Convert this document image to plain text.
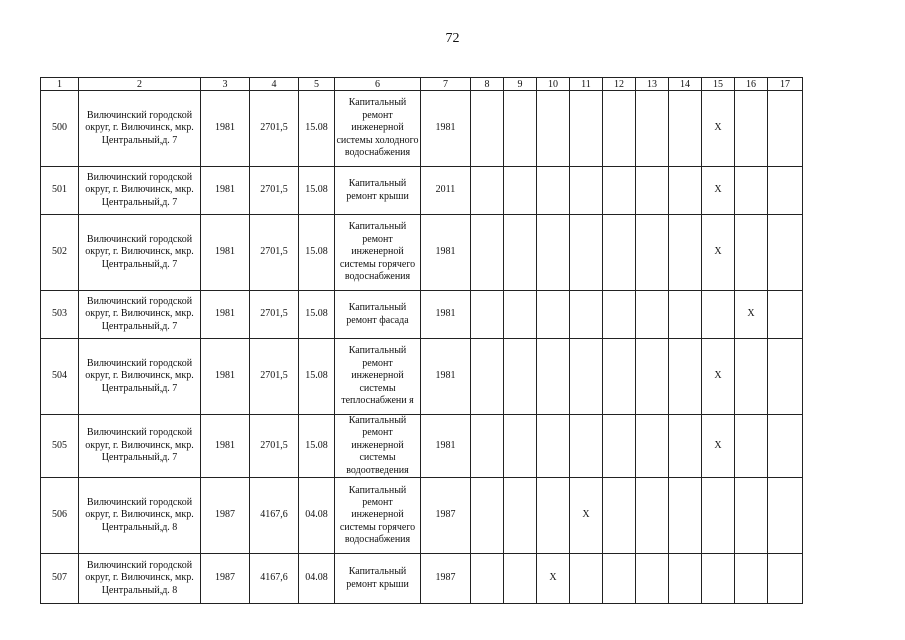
72
1	2	3	4	5	6	7	8	9	10	11	12	13	14	15	16	17
500	Вилючинский городской округ, г. Вилючинск, мкр. Центральный,д. 7	1981	2701,5	15.08	Капитальный ремонт инженерной системы холодного водоснабжения	1981								X		
501	Вилючинский городской округ, г. Вилючинск, мкр. Центральный,д. 7	1981	2701,5	15.08	Капитальный ремонт крыши	2011								X		
502	Вилючинский городской округ, г. Вилючинск, мкр. Центральный,д. 7	1981	2701,5	15.08	Капитальный ремонт инженерной системы горячего водоснабжения	1981								X		
503	Вилючинский городской округ, г. Вилючинск, мкр. Центральный,д. 7	1981	2701,5	15.08	Капитальный ремонт фасада	1981									X	
504	Вилючинский городской округ, г. Вилючинск, мкр. Центральный,д. 7	1981	2701,5	15.08	Капитальный ремонт инженерной системы теплоснабжени я	1981								X		
505	Вилючинский городской округ, г. Вилючинск, мкр. Центральный,д. 7	1981	2701,5	15.08	Капитальный ремонт инженерной системы водоотведения	1981								X		
506	Вилючинский городской округ, г. Вилючинск, мкр. Центральный,д. 8	1987	4167,6	04.08	Капитальный ремонт инженерной системы горячего водоснабжения	1987				X						
507	Вилючинский городской округ, г. Вилючинск, мкр. Центральный,д. 8	1987	4167,6	04.08	Капитальный ремонт крыши	1987			X							
